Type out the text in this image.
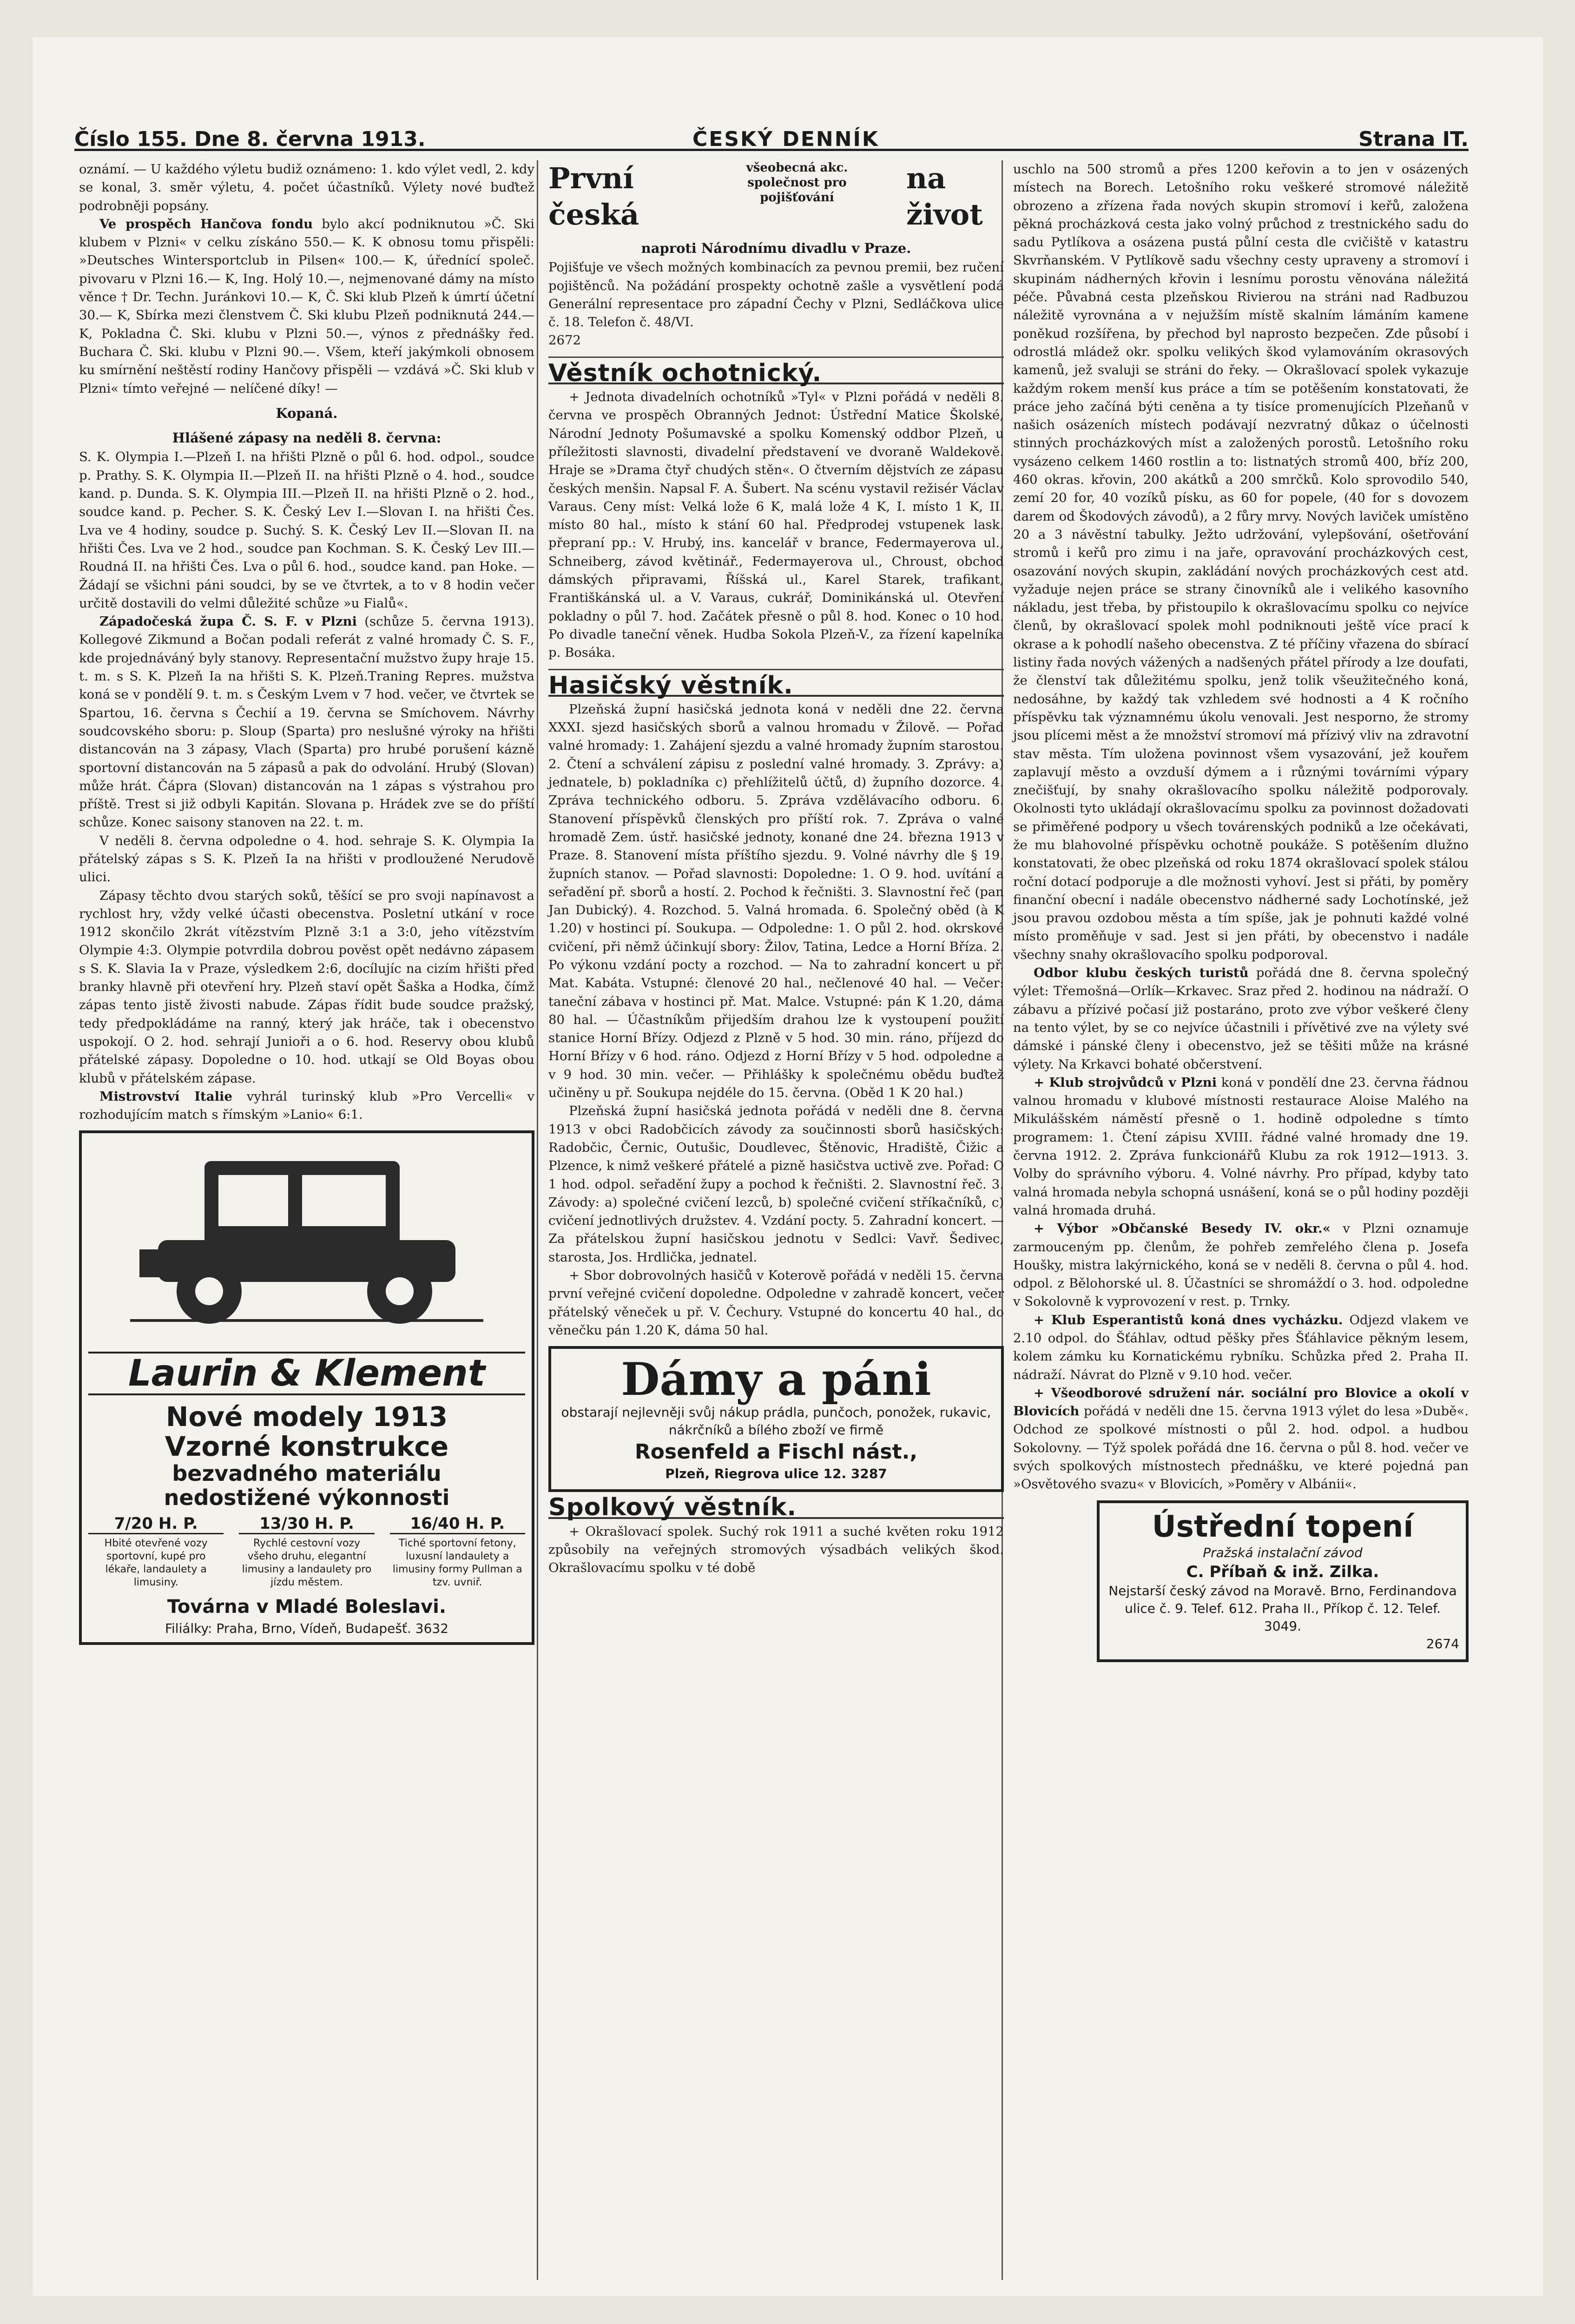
Číslo 155. Dne 8. června 1913.	ČESKÝ DENNÍK	Strana IT.

oznámí. — U každého výletu budiž oznámeno: 1. kdo výlet vedl, 2. kdy se konal, 3. směr výletu, 4. počet účastníků. Výlety nové buďtež podrobněji popsány.

Ve prospěch Hančova fondu bylo akcí podniknutou »Č. Ski klubem v Plzni« v celku získáno 550.— K. K obnosu tomu přispěli: »Deutsches Wintersportclub in Pilsen« 100.— K, úřednící společ. pivovaru v Plzni 16.— K, Ing. Holý 10.—, nejmenované dámy na místo věnce † Dr. Techn. Juránkovi 10.— K, Č. Ski klub Plzeň k úmrtí účetní 30.— K, Sbírka mezi členstvem Č. Ski klubu Plzeň podniknutá 244.— K, Pokladna Č. Ski. klubu v Plzni 50.—, výnos z přednášky řed. Buchara Č. Ski. klubu v Plzni 90.—. Všem, kteří jakýmkoli obnosem ku smírnění neštěstí rodiny Hančovy přispěli — vzdává »Č. Ski klub v Plzni« tímto veřejné — nelíčené díky! —

Kopaná.
Hlášené zápasy na neděli 8. června:

S. K. Olympia I.—Plzeň I. na hřišti Plzně o půl 6. hod. odpol., soudce p. Prathy. S. K. Olympia II.—Plzeň II. na hřišti Plzně o 4. hod., soudce kand. p. Dunda. S. K. Olympia III.—Plzeň II. na hřišti Plzně o 2. hod., soudce kand. p. Pecher. S. K. Český Lev I.—Slovan I. na hřišti Čes. Lva ve 4 hodiny, soudce p. Suchý. S. K. Český Lev II.—Slovan II. na hřišti Čes. Lva ve 2 hod., soudce pan Kochman. S. K. Český Lev III.—Roudná II. na hřišti Čes. Lva o půl 6. hod., soudce kand. pan Hoke. — Žádají se všichni páni soudci, by se ve čtvrtek, a to v 8 hodin večer určitě dostavili do velmi důležité schůze »u Fialů«.

Západočeská župa Č. S. F. v Plzni (schůze 5. června 1913). Kollegové Zikmund a Bočan podali referát z valné hromady Č. S. F., kde projednáváný byly stanovy. Representační mužstvo župy hraje 15. t. m. s S. K. Plzeň Ia na hřišti S. K. Plzeň.Traning Repres. mužstva koná se v pondělí 9. t. m. s Českým Lvem v 7 hod. večer, ve čtvrtek se Spartou, 16. června s Čechií a 19. června se Smíchovem. Návrhy soudcovského sboru: p. Sloup (Sparta) pro neslušné výroky na hřišti distancován na 3 zápasy, Vlach (Sparta) pro hrubé porušení kázně sportovní distancován na 5 zápasů a pak do odvolání. Hrubý (Slovan) může hrát. Čápra (Slovan) distancován na 1 zápas s výstrahou pro příště. Trest si již odbyli Kapitán. Slovana p. Hrádek zve se do příští schůze. Konec saisony stanoven na 22. t. m.

V neděli 8. června odpoledne o 4. hod. sehraje S. K. Olympia Ia přátelský zápas s S. K. Plzeň Ia na hřišti v prodloužené Nerudově ulici.

Zápasy těchto dvou starých soků, těšící se pro svoji napínavost a rychlost hry, vždy velké účasti obecenstva. Posletní utkání v roce 1912 skončilo 2krát vítězstvím Plzně 3:1 a 3:0, jeho vítězstvím Olympie 4:3. Olympie potvrdila dobrou pověst opět nedávno zápasem s S. K. Slavia Ia v Praze, výsledkem 2:6, docílujíc na cizím hřišti před branky hlavně při otevření hry. Plzeň staví opět Šaška a Hodka, čímž zápas tento jistě živosti nabude. Zápas řídit bude soudce pražský, tedy předpokládáme na ranný, který jak hráče, tak i obecenstvo uspokojí. O 2. hod. sehrají Junioři a o 6. hod. Reservy obou klubů přátelské zápasy. Dopoledne o 10. hod. utkají se Old Boyas obou klubů v přátelském zápase.

Mistrovství Italie vyhrál turinský klub »Pro Vercelli« v rozhodujícím match s římským »Lanio« 6:1.

Laurin & Klement
Nové modely 1913
Vzorné konstrukce
bezvadného materiálu
nedostižené výkonnosti
7/20 H. P.
Hbité otevřené vozy sportovní, kupé pro lékaře, landaulety a limusiny.
13/30 H. P.
Rychlé cestovní vozy všeho druhu, elegantní limusiny a landaulety pro jízdu městem.
16/40 H. P.
Tiché sportovní fetony, luxusní landaulety a limusiny formy Pullman a tzv. uvniř.
Továrna v Mladé Boleslavi.
Filiálky: Praha, Brno, Vídeň, Budapešť. 3632
První česká
na život
všeobecná akc.
společnost pro
pojišťování
naproti Národnímu divadlu v Praze.

Pojišťuje ve všech možných kombinacích za pevnou premii, bez ručení pojištěnců. Na požádání prospekty ochotně zašle a vysvětlení podá Generální representace pro západní Čechy v Plzni, Sedláčkova ulice č. 18. Telefon č. 48/VI.

2672

Věstník ochotnický.

+ Jednota divadelních ochotníků »Tyl« v Plzni pořádá v neděli 8. června ve prospěch Obranných Jednot: Ústřední Matice Školské, Národní Jednoty Pošumavské a spolku Komenský oddbor Plzeň, u příležitosti slavnosti, divadelní představení ve dvoraně Waldekově. Hraje se »Drama čtyř chudých stěn«. O čtverním dějstvích ze zápasu českých menšin. Napsal F. A. Šubert. Na scénu vystavil režisér Václav Varaus. Ceny míst: Velká lože 6 K, malá lože 4 K, I. místo 1 K, II. místo 80 hal., místo k stání 60 hal. Předprodej vstupenek lask. přepraní pp.: V. Hrubý, ins. kancelář v brance, Federmayerova ul., Schneiberg, závod květinář., Federmayerova ul., Chroust, obchod dámských připravami, Říšská ul., Karel Starek, trafikant, Františkánská ul. a V. Varaus, cukrář, Dominikánská ul. Otevření pokladny o půl 7. hod. Začátek přesně o půl 8. hod. Konec o 10 hod. Po divadle taneční věnek. Hudba Sokola Plzeň-V., za řízení kapelníka p. Bosáka.

Hasičský věstník.

Plzeňská župní hasičská jednota koná v neděli dne 22. června XXXI. sjezd hasičských sborů a valnou hromadu v Žilově. — Pořad valné hromady: 1. Zahájení sjezdu a valné hromady župním starostou. 2. Čtení a schválení zápisu z poslední valné hromady. 3. Zprávy: a) jednatele, b) pokladníka c) přehlížitelů účtů, d) župního dozorce. 4. Zpráva technického odboru. 5. Zpráva vzdělávacího odboru. 6. Stanovení příspěvků členských pro příští rok. 7. Zpráva o valné hromadě Zem. ústř. hasičské jednoty, konané dne 24. března 1913 v Praze. 8. Stanovení místa příštího sjezdu. 9. Volné návrhy dle § 19. župních stanov. — Pořad slavnosti: Dopoledne: 1. O 9. hod. uvítání a seřadění př. sborů a hostí. 2. Pochod k řečništi. 3. Slavnostní řeč (pan Jan Dubický). 4. Rozchod. 5. Valná hromada. 6. Společný oběd (à K 1.20) v hostinci pí. Soukupa. — Odpoledne: 1. O půl 2. hod. okrskové cvičení, při němž účinkují sbory: Žilov, Tatina, Ledce a Horní Bříza. 2. Po výkonu vzdání pocty a rozchod. — Na to zahradní koncert u př. Mat. Kabáta. Vstupné: členové 20 hal., nečlenové 40 hal. — Večer: taneční zábava v hostinci př. Mat. Malce. Vstupné: pán K 1.20, dáma 80 hal. — Účastníkům přijedším drahou lze k vystoupení použití stanice Horní Břízy. Odjezd z Plzně v 5 hod. 30 min. ráno, příjezd do Horní Břízy v 6 hod. ráno. Odjezd z Horní Břízy v 5 hod. odpoledne a v 9 hod. 30 min. večer. — Přihlášky k společnému obědu buďtež učiněny u př. Soukupa nejdéle do 15. června. (Oběd 1 K 20 hal.)

Plzeňská župní hasičská jednota pořádá v neděli dne 8. června 1913 v obci Radobčicích závody za součinnosti sborů hasičských: Radobčic, Černic, Outušic, Doudlevec, Štěnovic, Hradiště, Čižic a Plzence, k nimž veškeré přátelé a pizně hasičstva uctivě zve. Pořad: O 1 hod. odpol. seřadění župy a pochod k řečništi. 2. Slavnostní řeč. 3. Závody: a) společné cvičení lezců, b) společné cvičení stříkačníků, c) cvičení jednotlivých družstev. 4. Vzdání pocty. 5. Zahradní koncert. — Za přátelskou župní hasičskou jednotu v Sedlci: Vavř. Šedivec, starosta, Jos. Hrdlička, jednatel.

+ Sbor dobrovolných hasičů v Koterově pořádá v neděli 15. června první veřejné cvičení dopoledne. Odpoledne v zahradě koncert, večer přátelský věneček u př. V. Čechury. Vstupné do koncertu 40 hal., do věnečku pán 1.20 K, dáma 50 hal.

Dámy a páni
obstarají nejlevněji svůj nákup prádla, punčoch, ponožek, rukavic, nákrčníků a bílého zboží ve firmě
Rosenfeld a Fischl nást.,
Plzeň, Riegrova ulice 12. 3287
Spolkový věstník.

+ Okrašlovací spolek. Suchý rok 1911 a suché květen roku 1912 způsobily na veřejných stromových výsadbách velikých škod. Okrašlovacímu spolku v té době

uschlo na 500 stromů a přes 1200 keřovin a to jen v osázených místech na Borech. Letošního roku veškeré stromové náležitě obrozeno a zřízena řada nových skupin stromoví i keřů, založena pěkná procházková cesta jako volný průchod z trestnického sadu do sadu Pytlíkova a osázena pustá půlní cesta dle cvičiště v katastru Skvrňanském. V Pytlíkově sadu všechny cesty upraveny a stromoví i skupinám nádherných křovin i lesnímu porostu věnována náležitá péče. Půvabná cesta plzeňskou Rivierou na stráni nad Radbuzou náležitě vyrovnána a v nejužším místě skalním lámáním kamene poněkud rozšířena, by přechod byl naprosto bezpečen. Zde působí i odrostlá mládež okr. spolku velikých škod vylamováním okrasových kamenů, jež svaluji se stráni do řeky. — Okrašlovací spolek vykazuje každým rokem menší kus práce a tím se potěšením konstatovati, že práce jeho začíná býti ceněna a ty tisíce promenujících Plzeňanů v našich osázeních místech podávají nezvratný důkaz o účelnosti stinných procházkových míst a založených porostů. Letošního roku vysázeno celkem 1460 rostlin a to: listnatých stromů 400, bříz 200, 460 okras. křovin, 200 akátků a 200 smrčků. Kolo sprovodilo 540, zemí 20 for, 40 vozíků písku, as 60 for popele, (40 for s dovozem darem od Škodových závodů), a 2 fůry mrvy. Nových laviček umístěno 20 a 3 návěstní tabulky. Ježto udržování, vylepšování, ošetřování stromů i keřů pro zimu i na jaře, opravování procházkových cest, osazování nových skupin, zakládání nových procházkových cest atd. vyžaduje nejen práce se strany činovníků ale i velikého kasovního nákladu, jest třeba, by přistoupilo k okrašlovacímu spolku co nejvíce členů, by okrašlovací spolek mohl podniknouti ještě více prací k okrase a k pohodlí našeho obecenstva. Z té příčiny vřazena do sbírací listiny řada nových vážených a nadšených přátel přírody a lze doufati, že členství tak důležitému spolku, jenž tolik všeužitečného koná, nedosáhne, by každý tak vzhledem své hodnosti a 4 K ročního příspěvku tak významnému úkolu venovali. Jest nesporno, že stromy jsou plícemi měst a že množství stromoví má přízivý vliv na zdravotní stav města. Tím uložena povinnost všem vysazování, jež kouřem zaplavují město a ovzduší dýmem a i různými továrními výpary znečišťují, by snahy okrašlovacího spolku náležitě podporovaly. Okolnosti tyto ukládají okrašlovacímu spolku za povinnost dožadovati se přiměřené podpory u všech továrenských podniků a lze očekávati, že mu blahovolné příspěvku ochotně poukáže. S potěšením dlužno konstatovati, že obec plzeňská od roku 1874 okrašlovací spolek stálou roční dotací podporuje a dle možnosti vyhoví. Jest si přáti, by poměry finanční obecní i nadále obecenstvo nádherné sady Lochotínské, jež jsou pravou ozdobou města a tím spíše, jak je pohnuti každé volné místo proměňuje v sad. Jest si jen přáti, by obecenstvo i nadále všechny snahy okrašlovacího spolku podporoval.

Odbor klubu českých turistů pořádá dne 8. června společný výlet: Třemošná—Orlík—Krkavec. Sraz před 2. hodinou na nádraží. O zábavu a přízivé počasí již postaráno, proto zve výbor veškeré členy na tento výlet, by se co nejvíce účastnili i přívětivé zve na výlety své dámské i pánské členy i obecenstvo, jež se těšiti může na krásné výlety. Na Krkavci bohaté občerstvení.

+ Klub strojvůdců v Plzni koná v pondělí dne 23. června řádnou valnou hromadu v klubové místnosti restaurace Aloise Malého na Mikulášském náměstí přesně o 1. hodině odpoledne s tímto programem: 1. Čtení zápisu XVIII. řádné valné hromady dne 19. června 1912. 2. Zpráva funkcionářů Klubu za rok 1912—1913. 3. Volby do správního výboru. 4. Volné návrhy. Pro případ, kdyby tato valná hromada nebyla schopná usnášení, koná se o půl hodiny později valná hromada druhá.

+ Výbor »Občanské Besedy IV. okr.« v Plzni oznamuje zarmouceným pp. členům, že pohřeb zemřelého člena p. Josefa Houšky, mistra lakýrnického, koná se v neděli 8. června o půl 4. hod. odpol. z Bělohorské ul. 8. Účastníci se shromáždí o 3. hod. odpoledne v Sokolovně k vyprovození v rest. p. Trnky.

+ Klub Esperantistů koná dnes vycházku. Odjezd vlakem ve 2.10 odpol. do Šťáhlav, odtud pěšky přes Šťáhlavice pěkným lesem, kolem zámku ku Kornatickému rybníku. Schůzka před 2. Praha II. nádraží. Návrat do Plzně v 9.10 hod. večer.

+ Všeodborové sdružení nár. sociální pro Blovice a okolí v Blovicích pořádá v neděli dne 15. června 1913 výlet do lesa »Dubě«. Odchod ze spolkové místnosti o půl 2. hod. odpol. a hudbou Sokolovny. — Týž spolek pořádá dne 16. června o půl 8. hod. večer ve svých spolkových místnostech přednášku, ve které pojedná pan »Osvětového svazu« v Blovicích, »Poměry v Albánii«.

Ústřední topení
Pražská instalační závod
C. Příbaň & inž. Zilka.
Nejstarší český závod na Moravě. Brno, Ferdinandova ulice č. 9. Telef. 612. Praha II., Příkop č. 12. Telef. 3049.
2674
